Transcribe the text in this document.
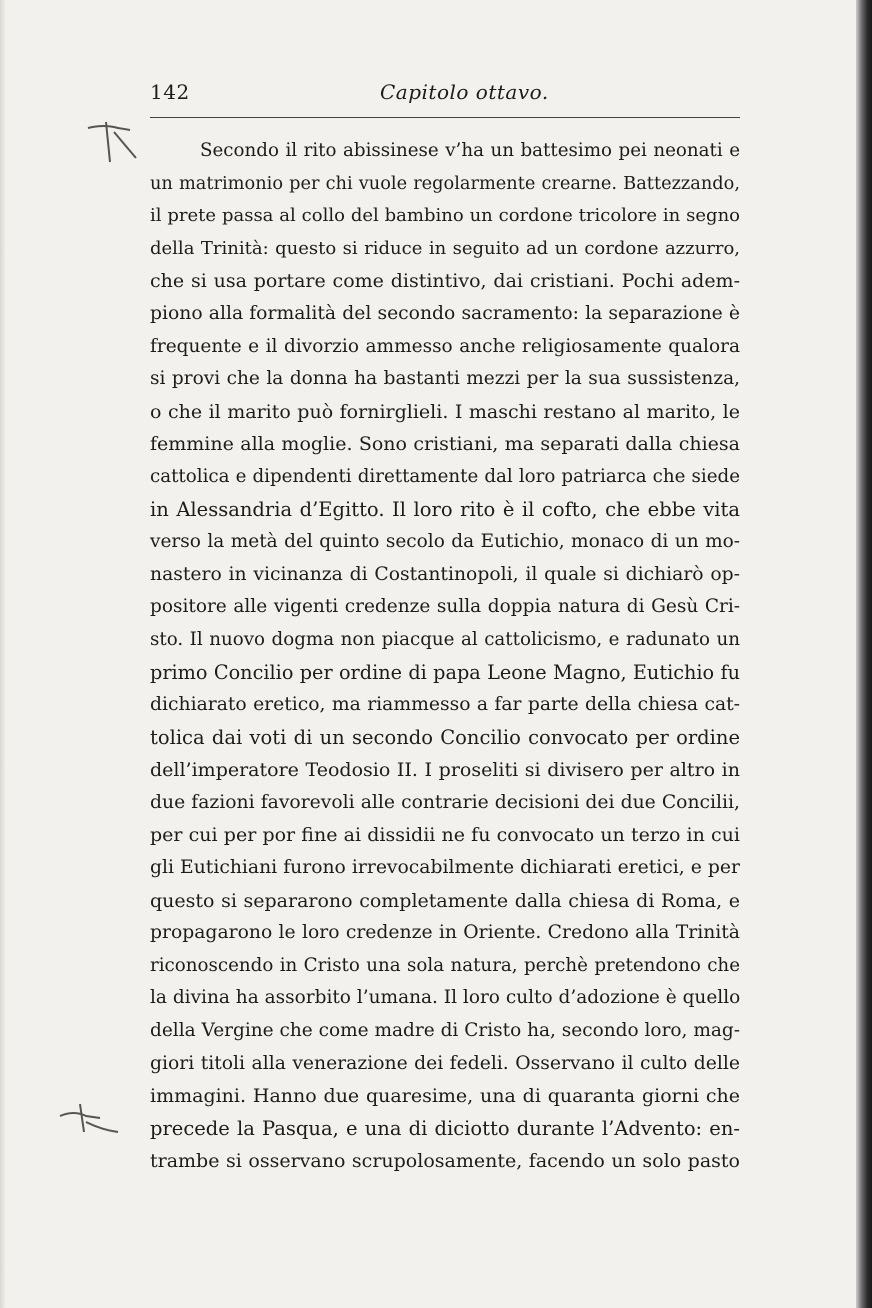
142	Capitolo ottavo.
Secondo il rito abissinese v’ha un battesimo pei neonati e
un matrimonio per chi vuole regolarmente crearne. Battezzando,
il prete passa al collo del bambino un cordone tricolore in segno
della Trinità: questo si riduce in seguito ad un cordone azzurro,
che si usa portare come distintivo, dai cristiani. Pochi adem-
piono alla formalità del secondo sacramento: la separazione è
frequente e il divorzio ammesso anche religiosamente qualora
si provi che la donna ha bastanti mezzi per la sua sussistenza,
o che il marito può fornirglieli. I maschi restano al marito, le
femmine alla moglie. Sono cristiani, ma separati dalla chiesa
cattolica e dipendenti direttamente dal loro patriarca che siede
in Alessandria d’Egitto. Il loro rito è il cofto, che ebbe vita
verso la metà del quinto secolo da Eutichio, monaco di un mo-
nastero in vicinanza di Costantinopoli, il quale si dichiarò op-
positore alle vigenti credenze sulla doppia natura di Gesù Cri-
sto. Il nuovo dogma non piacque al cattolicismo, e radunato un
primo Concilio per ordine di papa Leone Magno, Eutichio fu
dichiarato eretico, ma riammesso a far parte della chiesa cat-
tolica dai voti di un secondo Concilio convocato per ordine
dell’imperatore Teodosio II. I proseliti si divisero per altro in
due fazioni favorevoli alle contrarie decisioni dei due Concilii,
per cui per por fine ai dissidii ne fu convocato un terzo in cui
gli Eutichiani furono irrevocabilmente dichiarati eretici, e per
questo si separarono completamente dalla chiesa di Roma, e
propagarono le loro credenze in Oriente. Credono alla Trinità
riconoscendo in Cristo una sola natura, perchè pretendono che
la divina ha assorbito l’umana. Il loro culto d’adozione è quello
della Vergine che come madre di Cristo ha, secondo loro, mag-
giori titoli alla venerazione dei fedeli. Osservano il culto delle
immagini. Hanno due quaresime, una di quaranta giorni che
precede la Pasqua, e una di diciotto durante l’Advento: en-
trambe si osservano scrupolosamente, facendo un solo pasto
